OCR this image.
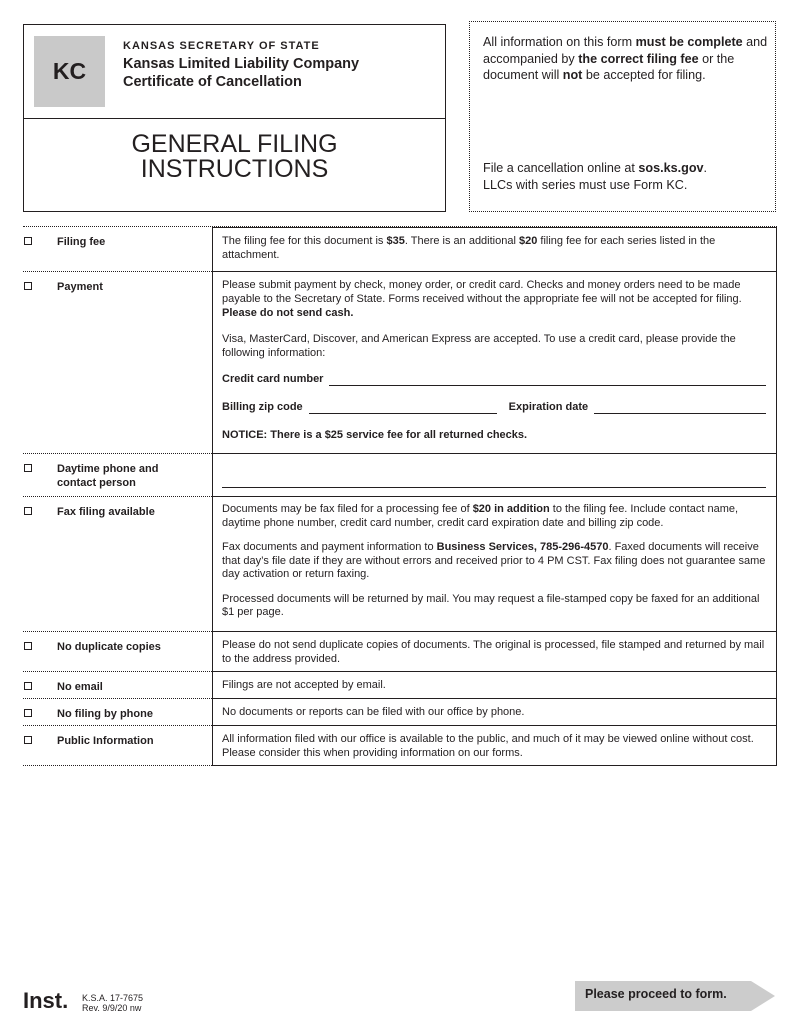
KC
KANSAS SECRETARY OF STATE
Kansas Limited Liability Company
Certificate of Cancellation
GENERAL FILING
INSTRUCTIONS
All information on this form must be complete and accompanied by the correct filing fee or the document will not be accepted for filing.
File a cancellation online at sos.ks.gov.
LLCs with series must use Form KC.
Filing fee	The filing fee for this document is $35. There is an additional $20 filing fee for each series listed in the attachment.
Payment	Please submit payment by check, money order, or credit card. Checks and money orders need to be made payable to the Secretary of State. Forms received without the appropriate fee will not be accepted for filing. Please do not send cash.

Visa, MasterCard, Discover, and American Express are accepted. To use a credit card, please provide the following information:

Credit card number
Billing zip code	Expiration date
NOTICE: There is a $25 service fee for all returned checks.
Daytime phone and
contact person
Fax filing available	Documents may be fax filed for a processing fee of $20 in addition to the filing fee. Include contact name, daytime phone number, credit card number, credit card expiration date and billing zip code.

Fax documents and payment information to Business Services, 785-296-4570. Faxed documents will receive that day’s file date if they are without errors and received prior to 4 PM CST. Fax filing does not guarantee same day activation or return faxing.

Processed documents will be returned by mail. You may request a file-stamped copy be faxed for an additional $1 per page.

No duplicate copies	Please do not send duplicate copies of documents. The original is processed, file stamped and returned by mail to the address provided.
No email	Filings are not accepted by email.
No filing by phone	No documents or reports can be filed with our office by phone.
Public Information	All information filed with our office is available to the public, and much of it may be viewed online without cost. Please consider this when providing information on our forms.
Inst. K.S.A. 17-7675
Rev. 9/9/20 nw
Please proceed to form.
